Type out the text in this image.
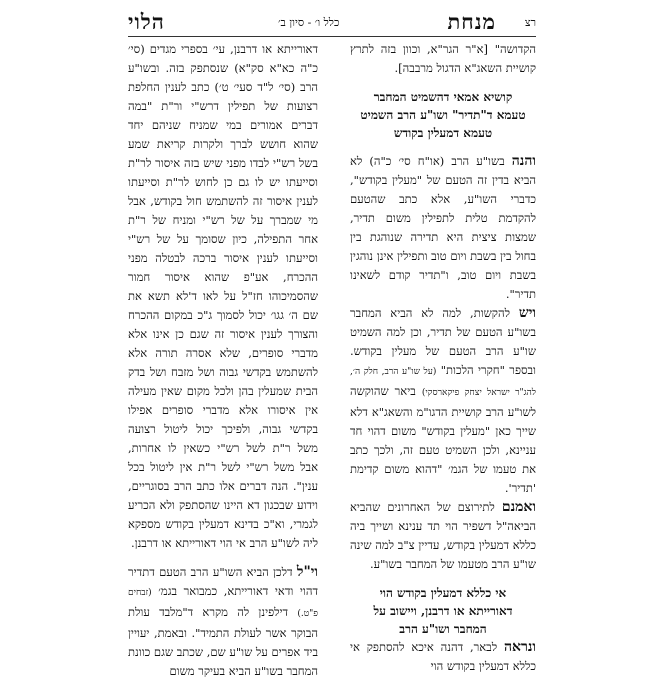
רצ
מנחת
כלל ו׳ - סיון ב׳
הלוי

הקדושה" [א"ר הגר"א, וכוון בזה לתרץ קושיית השאג"א הדגול מרבבה].

קושיא אמאי דהשמיט המחבר
טעמא ד"תדיר" ושו"ע הרב השמיט
טעמא דמעלין בקודש

והנה בשו"ע הרב (או"ח סי׳ כ"ה) לא הביא בדין זה הטעם של "מעלין בקודש", כדברי השו"ע, אלא כתב שהטעם להקדמת טלית לתפילין משום תדיר, שמצות ציצית היא תדירה שנוהגת בין בחול בין בשבת ויום טוב ותפילין אינן נוהגין בשבת ויום טוב, ו"תדיר קודם לשאינו תדיר".

ויש להקשות, למה לא הביא המחבר בשו"ע הטעם של תדיר, וכן למה השמיט שו"ע הרב הטעם של מעלין בקודש. ובספר "חקרי הלכות" (על שו"ע הרב, חלק ה׳, להג"ר ישראל יצחק פיקארסקי) ביאר שהוקשה לשו"ע הרב קושיית הדגו"מ והשאג"א דלא שייך כאן "מעלין בקודש" משום דהוי חד עניינא, ולכן השמיט טעם זה, ולכך כתב את טעמו של הגמ׳ "דהוא משום קדימת 'תדיר'.

ואמנם לתירוצם של האחרונים שהביא הביאה"ל דשפיר הוי תד ענינא ושייך ביה כללא דמעלין בקודש, עדיין צ"ב למה שינה שו"ע הרב מטעמו של המחבר בשו"ע.

אי כללא דמעלין בקודש הוי
דאורייתא או דרבנן, ויישוב על
המחבר ושו"ע הרב

ונראה לבאר, דהנה איכא להסתפק אי כללא דמעלין בקודש הוי

דאורייתא או דרבנן, עי׳ בספרי מגדים (סי׳ כ"ה כא"א סק"א) שנסתפק בזה. ובשו"ע הרב (סי׳ ל"ד סעי׳ ט׳) כתב לענין החלפת רצועות של תפילין דרש"י ור"ת "במה דברים אמורים במי שמניח שניהם יחד שהוא חושש לברך ולקרות קריאת שמע בשל רש"י לבדו מפני שיש בזה איסור לר"ת וסייעתו יש לו גם כן לחוש לר"ת וסייעתו לענין איסור זה להשתמש חול בקודש, אבל מי שמברך על של רש"י ומניח של ר"ת אחר התפילה, כיון שסומך על של רש"י וסייעתו לענין איסור ברכה לבטלה מפני ההכרח, אע"פ שהוא איסור חמור שהסמיכוהו חז"ל על לאו ד'לא תשא את שם ה׳ גגו׳ יכול לסמוך ג"כ במקום ההכרח והצורך לענין איסור זה שגם כן אינו אלא מדברי סופרים, שלא אסרה תורה אלא להשתמש בקדשי גבוה ושל מזבח ושל בדק הבית שמעלין בהן ולכל מקום שאין מעילה אין איסורו אלא מדברי סופרים אפילו בקדשי גבוה, ולפיכך יכול ליטול רצועה משל ר"ת לשל רש"י כשאין לו אחרות, אבל משל רש"י לשל ר"ת אין ליטול בכל ענין". הנה דברים אלו כתב הרב בסוגריים, וידוע שבכגון דא היינו שהסתפק ולא הכריע לגמרי, וא"כ בדינא דמעלין בקודש מספקא ליה לשו"ע הרב אי הוי דאורייתא או דרבנן.

וי"ל דלכן הביא השו"ע הרב הטעם דתדיר דהוי ודאי דאורייתא, כמבואר בגמ׳ (זבחים פ"ט.) דילפינן לה מקרא ד"מלבד עולת הבוקר אשר לעולת התמיד". ובאמת, יעויין ביד אפרים על שו"ע שם, שכתב שגם כוונת המחבר בשו"ע הביא בעיקר משום
